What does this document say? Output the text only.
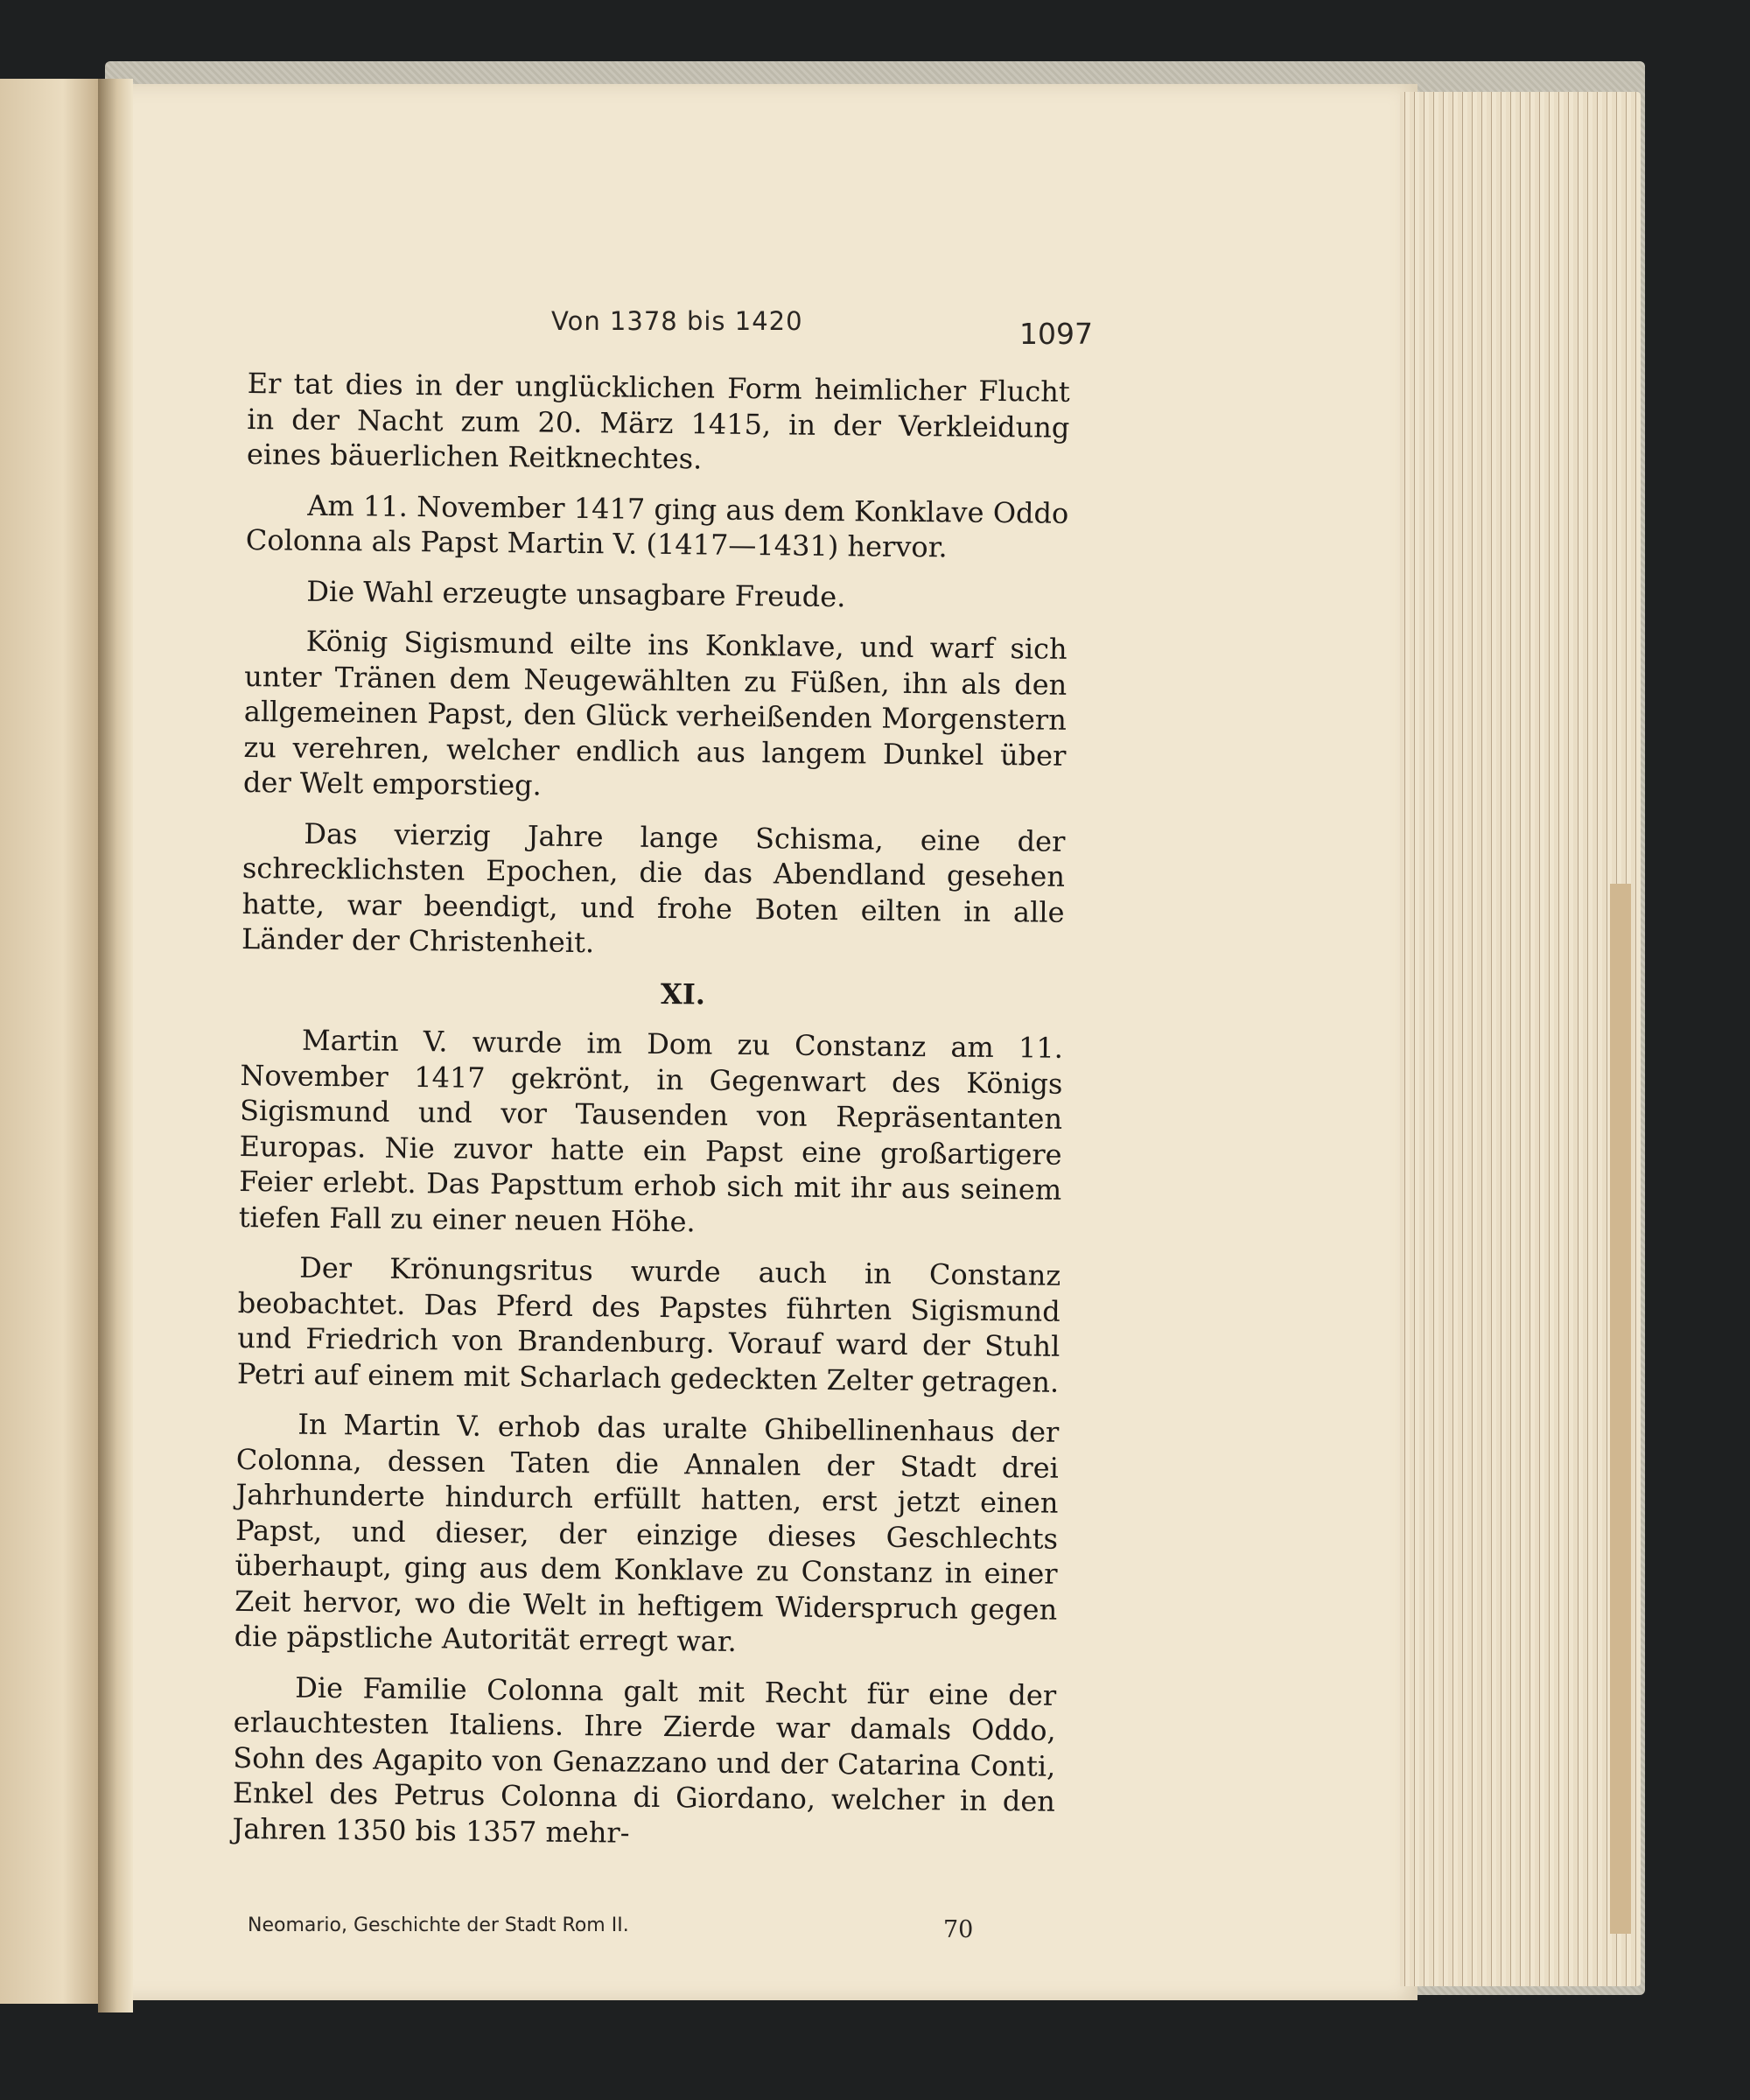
Von 1378 bis 1420	1097

Er tat dies in der unglücklichen Form heimlicher Flucht in der Nacht zum 20. März 1415, in der Verkleidung eines bäuerlichen Reitknechtes.

Am 11. November 1417 ging aus dem Konklave Oddo Colonna als Papst Martin V. (1417—1431) hervor.

Die Wahl erzeugte unsagbare Freude.

König Sigismund eilte ins Konklave, und warf sich unter Tränen dem Neugewählten zu Füßen, ihn als den allgemeinen Papst, den Glück verheißenden Morgenstern zu verehren, welcher endlich aus langem Dunkel über der Welt emporstieg.

Das vierzig Jahre lange Schisma, eine der schrecklichsten Epochen, die das Abendland gesehen hatte, war beendigt, und frohe Boten eilten in alle Länder der Christenheit.

XI.

Martin V. wurde im Dom zu Constanz am 11. November 1417 gekrönt, in Gegenwart des Königs Sigismund und vor Tausenden von Repräsentanten Europas. Nie zuvor hatte ein Papst eine großartigere Feier erlebt. Das Papsttum erhob sich mit ihr aus seinem tiefen Fall zu einer neuen Höhe.

Der Krönungsritus wurde auch in Constanz beobachtet. Das Pferd des Papstes führten Sigismund und Friedrich von Brandenburg. Vorauf ward der Stuhl Petri auf einem mit Scharlach gedeckten Zelter getragen.

In Martin V. erhob das uralte Ghibellinenhaus der Colonna, dessen Taten die Annalen der Stadt drei Jahrhunderte hindurch erfüllt hatten, erst jetzt einen Papst, und dieser, der einzige dieses Geschlechts überhaupt, ging aus dem Konklave zu Constanz in einer Zeit hervor, wo die Welt in heftigem Widerspruch gegen die päpstliche Autorität erregt war.

Die Familie Colonna galt mit Recht für eine der erlauchtesten Italiens. Ihre Zierde war damals Oddo, Sohn des Agapito von Genazzano und der Catarina Conti, Enkel des Petrus Colonna di Giordano, welcher in den Jahren 1350 bis 1357 mehr-

Neomario, Geschichte der Stadt Rom II.	70
